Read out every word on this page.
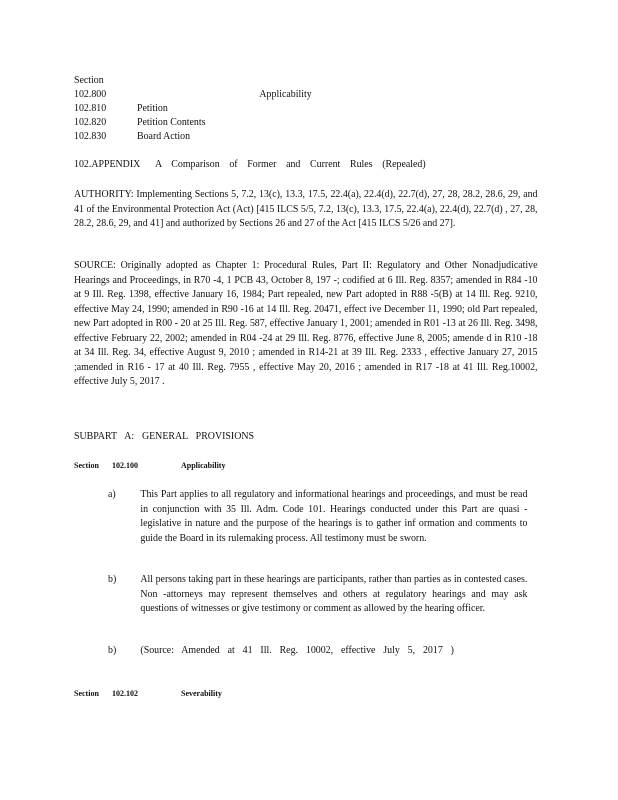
Section
102.800	Applicability
102.810	Petition
102.820	Petition Contents
102.830	Board Action
102.APPENDIX A Comparison of Former and Current Rules (Repealed)
AUTHORITY: Implementing Sections 5, 7.2, 13(c), 13.3, 17.5, 22.4(a), 22.4(d), 22.7(d), 27, 28, 28.2, 28.6, 29, and 41 of the Environmental Protection Act (Act) [415 ILCS 5/5, 7.2, 13(c), 13.3, 17.5, 22.4(a), 22.4(d), 22.7(d) , 27, 28, 28.2, 28.6, 29, and 41] and authorized by Sections 26 and 27 of the Act [415 ILCS 5/26 and 27].
SOURCE: Originally adopted as Chapter 1: Procedural Rules, Part II: Regulatory and Other Nonadjudicative Hearings and Proceedings, in R70 -4, 1 PCB 43, October 8, 197 -; codified at 6 Ill. Reg. 8357; amended in R84 -10 at 9 Ill. Reg. 1398, effective January 16, 1984; Part repealed, new Part adopted in R88 -5(B) at 14 Ill. Reg. 9210, effective May 24, 1990; amended in R90 -16 at 14 Ill. Reg. 20471, effect ive December 11, 1990; old Part repealed, new Part adopted in R00 - 20 at 25 Ill. Reg. 587, effective January 1, 2001; amended in R01 -13 at 26 Ill. Reg. 3498, effective February 22, 2002; amended in R04 -24 at 29 Ill. Reg. 8776, effective June 8, 2005; amende d in R10 -18 at 34 Ill. Reg. 34, effective August 9, 2010 ; amended in R14-21 at 39 Ill. Reg. 2333 , effective January 27, 2015 ;amended in R16 - 17 at 40 Ill. Reg. 7955 , effective May 20, 2016 ; amended in R17 -18 at 41 Ill. Reg.10002, effective July 5, 2017 .
SUBPART A: GENERAL PROVISIONS
Section 102.100	Applicability
a) This Part applies to all regulatory and informational hearings and proceedings, and must be read in conjunction with 35 Ill. Adm. Code 101. Hearings conducted under this Part are quasi -legislative in nature and the purpose of the hearings is to gather inf ormation and comments to guide the Board in its rulemaking process. All testimony must be sworn.
b) All persons taking part in these hearings are participants, rather than parties as in contested cases. Non -attorneys may represent themselves and others at regulatory hearings and may ask questions of witnesses or give testimony or comment as allowed by the hearing officer.
b) (Source: Amended at 41 Ill. Reg. 10002, effective July 5, 2017 )
Section 102.102	Severability
